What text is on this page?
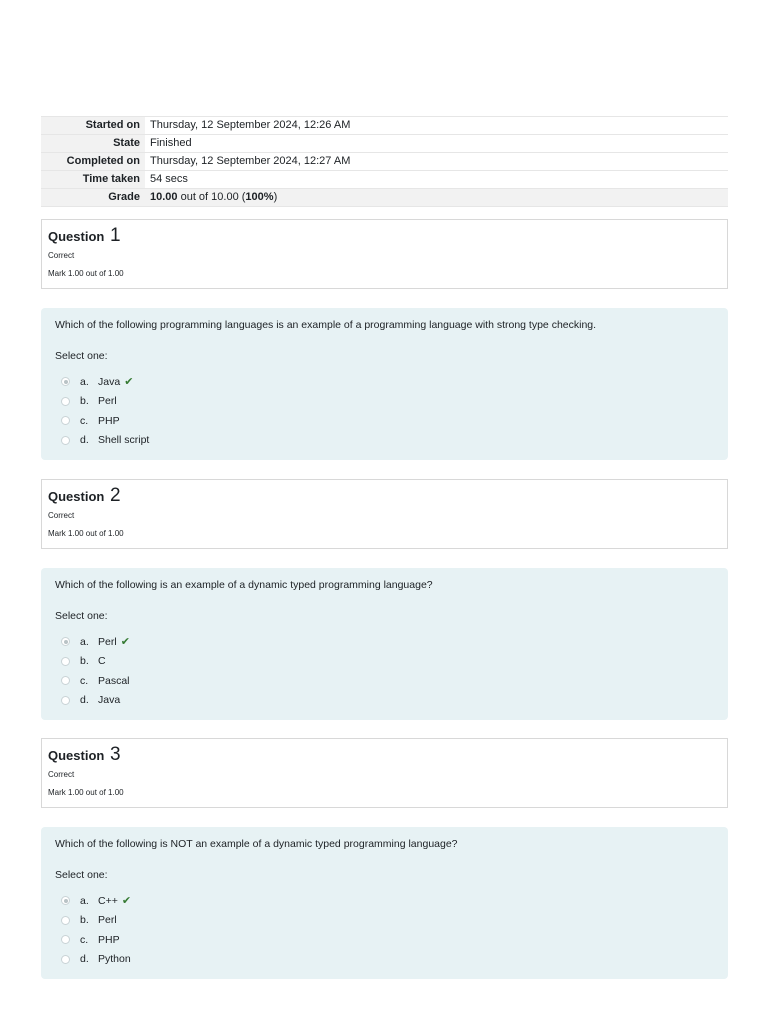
Started on Thursday, 12 September 2024, 12:26 AM
State Finished
Completed on Thursday, 12 September 2024, 12:27 AM
Time taken 54 secs
Grade 10.00 out of 10.00 (100%)
Question 1
Correct
Mark 1.00 out of 1.00
Which of the following programming languages is an example of a programming language with strong type checking.
Select one:
a. Java ✔
b. Perl
c. PHP
d. Shell script
Question 2
Correct
Mark 1.00 out of 1.00
Which of the following is an example of a dynamic typed programming language?
Select one:
a. Perl ✔
b. C
c. Pascal
d. Java
Question 3
Correct
Mark 1.00 out of 1.00
Which of the following is NOT an example of a dynamic typed programming language?
Select one:
a. C++ ✔
b. Perl
c. PHP
d. Python
